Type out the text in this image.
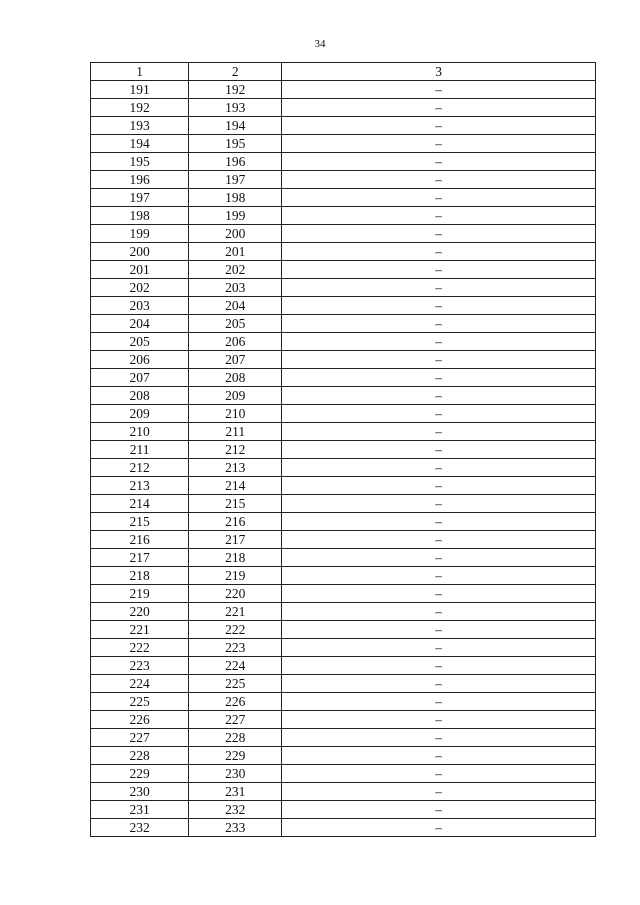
34
1	2	3
191	192	–
192	193	–
193	194	–
194	195	–
195	196	–
196	197	–
197	198	–
198	199	–
199	200	–
200	201	–
201	202	–
202	203	–
203	204	–
204	205	–
205	206	–
206	207	–
207	208	–
208	209	–
209	210	–
210	211	–
211	212	–
212	213	–
213	214	–
214	215	–
215	216	–
216	217	–
217	218	–
218	219	–
219	220	–
220	221	–
221	222	–
222	223	–
223	224	–
224	225	–
225	226	–
226	227	–
227	228	–
228	229	–
229	230	–
230	231	–
231	232	–
232	233	–
